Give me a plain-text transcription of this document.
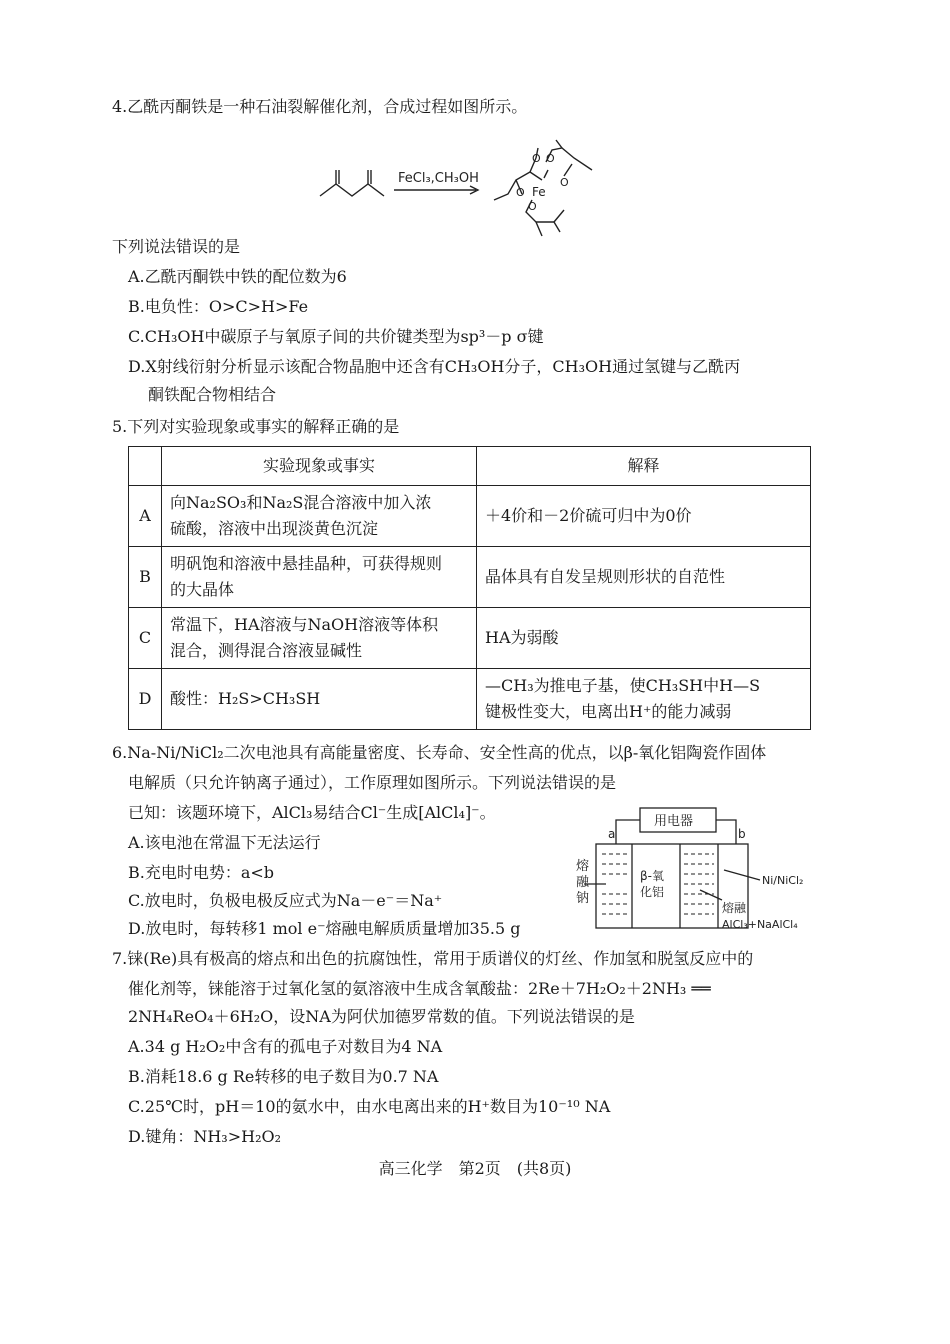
4.乙酰丙酮铁是一种石油裂解催化剂，合成过程如图所示。
FeCl₃,CH₃OH
O O
Fe
O
O
O
下列说法错误的是
A.乙酰丙酮铁中铁的配位数为6
B.电负性：O>C>H>Fe
C.CH₃OH中碳原子与氧原子间的共价键类型为sp³－p σ键
D.X射线衍射分析显示该配合物晶胞中还含有CH₃OH分子，CH₃OH通过氢键与乙酰丙
酮铁配合物相结合
5.下列对实验现象或事实的解释正确的是
	实验现象或事实	解释
A	向Na₂SO₃和Na₂S混合溶液中加入浓
硫酸，溶液中出现淡黄色沉淀	＋4价和－2价硫可归中为0价
B	明矾饱和溶液中悬挂晶种，可获得规则
的大晶体	晶体具有自发呈规则形状的自范性
C	常温下，HA溶液与NaOH溶液等体积
混合，测得混合溶液显碱性	HA为弱酸
D	酸性：H₂S>CH₃SH	—CH₃为推电子基，使CH₃SH中H—S
键极性变大，电离出H⁺的能力减弱
6.Na-Ni/NiCl₂二次电池具有高能量密度、长寿命、安全性高的优点，以β-氧化铝陶瓷作固体
电解质（只允许钠离子通过），工作原理如图所示。下列说法错误的是
已知：该题环境下，AlCl₃易结合Cl⁻生成[AlCl₄]⁻。
A.该电池在常温下无法运行
B.充电时电势：a<b
C.放电时，负极电极反应式为Na－e⁻＝Na⁺
D.放电时，每转移1 mol e⁻熔融电解质质量增加35.5 g
用电器
a	b
熔
融
钠
β-氧
化铝
Ni/NiCl₂
熔融
AlCl₃+NaAlCl₄
7.铼(Re)具有极高的熔点和出色的抗腐蚀性，常用于质谱仪的灯丝、作加氢和脱氢反应中的
催化剂等，铼能溶于过氧化氢的氨溶液中生成含氧酸盐：2Re＋7H₂O₂＋2NH₃ ══
2NH₄ReO₄＋6H₂O，设NA为阿伏加德罗常数的值。下列说法错误的是
A.34 g H₂O₂中含有的孤电子对数目为4 NA
B.消耗18.6 g Re转移的电子数目为0.7 NA
C.25℃时，pH＝10的氨水中，由水电离出来的H⁺数目为10⁻¹⁰ NA
D.键角：NH₃>H₂O₂
高三化学　第2页　(共8页)
